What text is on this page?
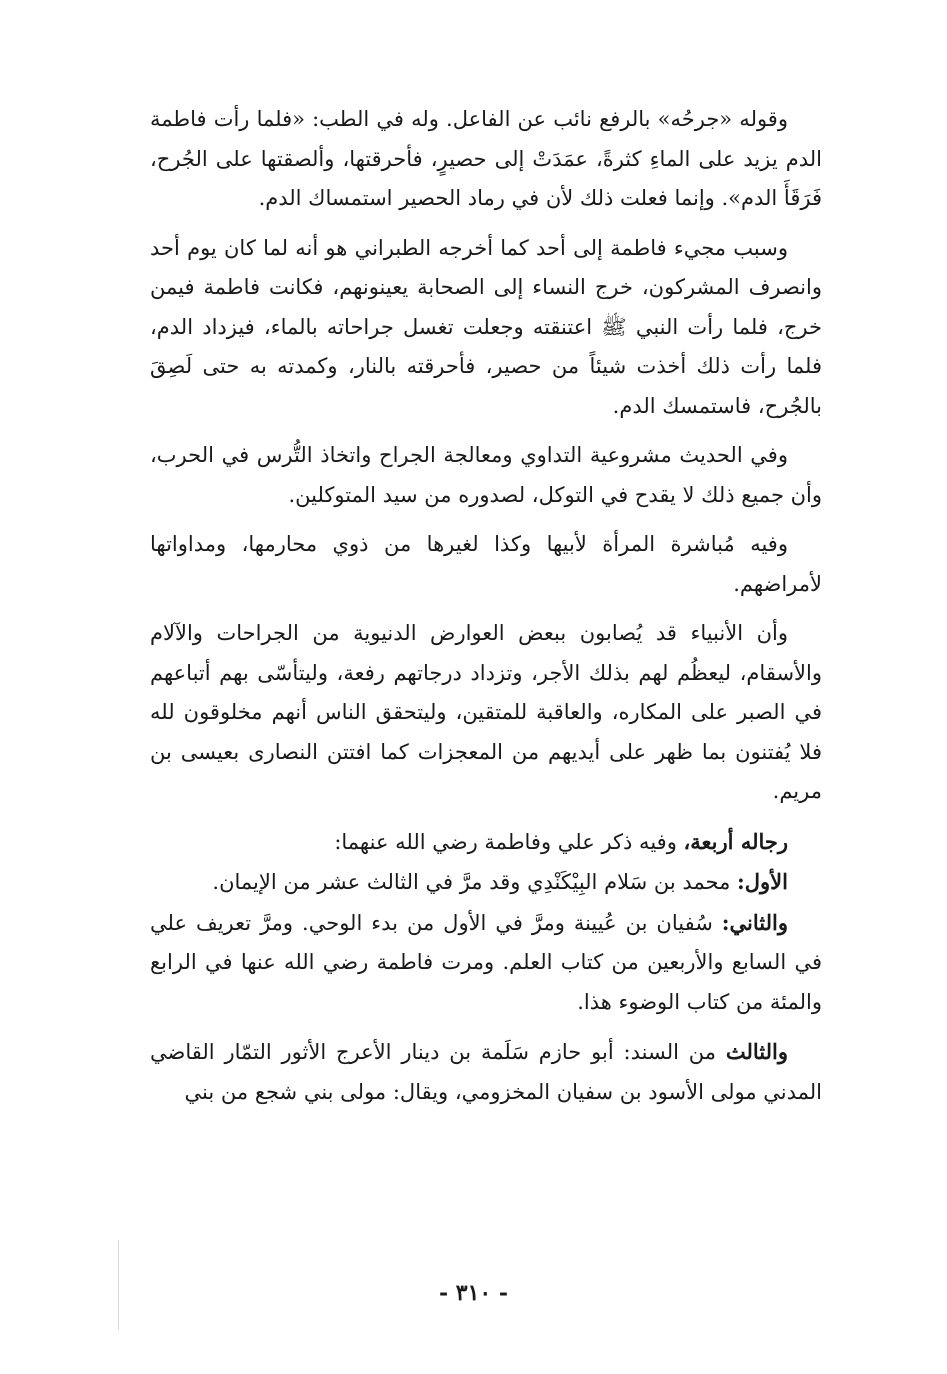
وقوله «جرحُه» بالرفع نائب عن الفاعل. وله في الطب: «فلما رأت فاطمة الدم يزيد على الماءِ كثرةً، عمَدَتْ إلى حصيرٍ، فأحرقتها، وألصقتها على الجُرح، فَرَقَأَ الدم». وإنما فعلت ذلك لأن في رماد الحصير استمساك الدم.

وسبب مجيء فاطمة إلى أحد كما أخرجه الطبراني هو أنه لما كان يوم أحد وانصرف المشركون، خرج النساء إلى الصحابة يعينونهم، فكانت فاطمة فيمن خرج، فلما رأت النبي ﷺ اعتنقته وجعلت تغسل جراحاته بالماء، فيزداد الدم، فلما رأت ذلك أخذت شيئاً من حصير، فأحرقته بالنار، وكمدته به حتى لَصِقَ بالجُرح، فاستمسك الدم.

وفي الحديث مشروعية التداوي ومعالجة الجراح واتخاذ التُّرس في الحرب، وأن جميع ذلك لا يقدح في التوكل، لصدوره من سيد المتوكلين.

وفيه مُباشرة المرأة لأبيها وكذا لغيرها من ذوي محارمها، ومداواتها لأمراضهم.

وأن الأنبياء قد يُصابون ببعض العوارض الدنيوية من الجراحات والآلام والأسقام، ليعظُم لهم بذلك الأجر، وتزداد درجاتهم رفعة، وليتأسّى بهم أتباعهم في الصبر على المكاره، والعاقبة للمتقين، وليتحقق الناس أنهم مخلوقون لله فلا يُفتنون بما ظهر على أيديهم من المعجزات كما افتتن النصارى بعيسى بن مريم.

رجاله أربعة، وفيه ذكر علي وفاطمة رضي الله عنهما:

الأول: محمد بن سَلام البِيْكَنْدِي وقد مرَّ في الثالث عشر من الإيمان.

والثاني: سُفيان بن عُيينة ومرَّ في الأول من بدء الوحي. ومرَّ تعريف علي في السابع والأربعين من كتاب العلم. ومرت فاطمة رضي الله عنها في الرابع والمئة من كتاب الوضوء هذا.

والثالث من السند: أبو حازم سَلَمة بن دينار الأعرج الأثور التمّار القاضي المدني مولى الأسود بن سفيان المخزومي، ويقال: مولى بني شجع من بني

- ٣١٠ -
